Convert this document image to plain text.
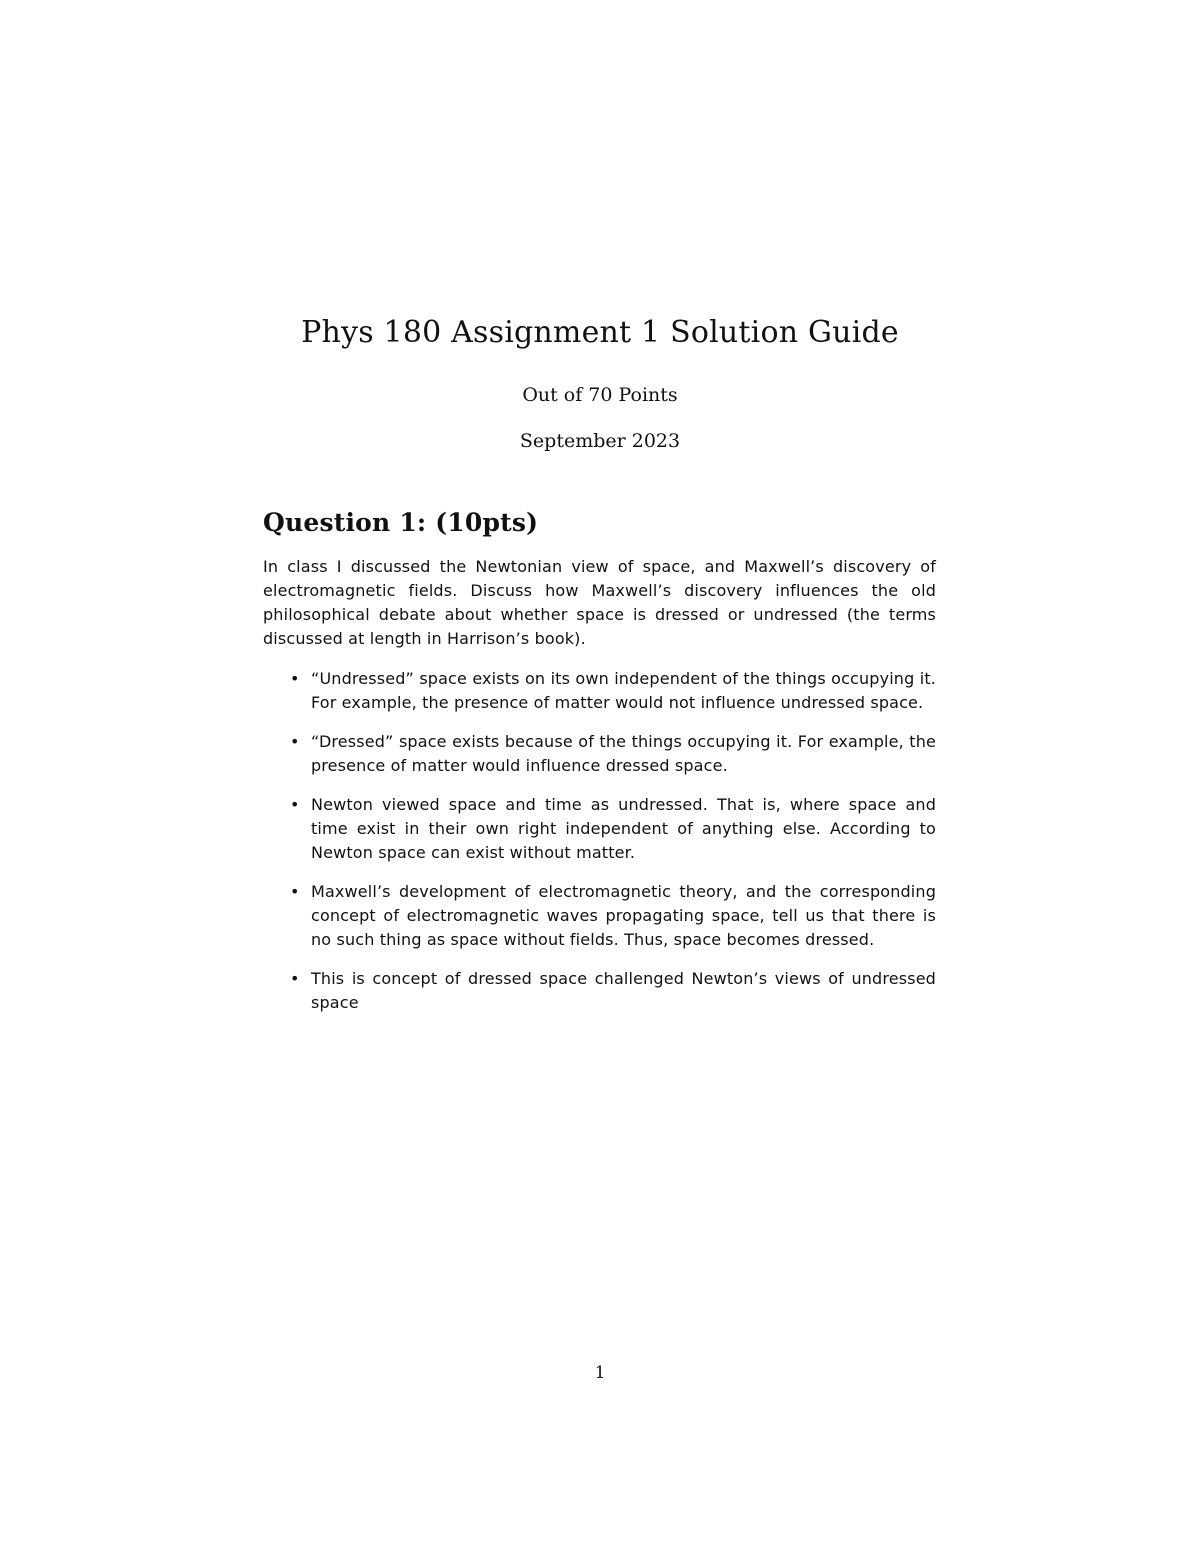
Phys 180 Assignment 1 Solution Guide
Out of 70 Points
September 2023
Question 1: (10pts)

In class I discussed the Newtonian view of space, and Maxwell’s discovery of electromagnetic fields. Discuss how Maxwell’s discovery influences the old philosophical debate about whether space is dressed or undressed (the terms discussed at length in Harrison’s book).

• “Undressed” space exists on its own independent of the things occupying it. For example, the presence of matter would not influence undressed space.
• “Dressed” space exists because of the things occupying it. For example, the presence of matter would influence dressed space.
• Newton viewed space and time as undressed. That is, where space and time exist in their own right independent of anything else. According to Newton space can exist without matter.
• Maxwell’s development of electromagnetic theory, and the corresponding concept of electromagnetic waves propagating space, tell us that there is no such thing as space without fields. Thus, space becomes dressed.
• This is concept of dressed space challenged Newton’s views of undressed space
1
